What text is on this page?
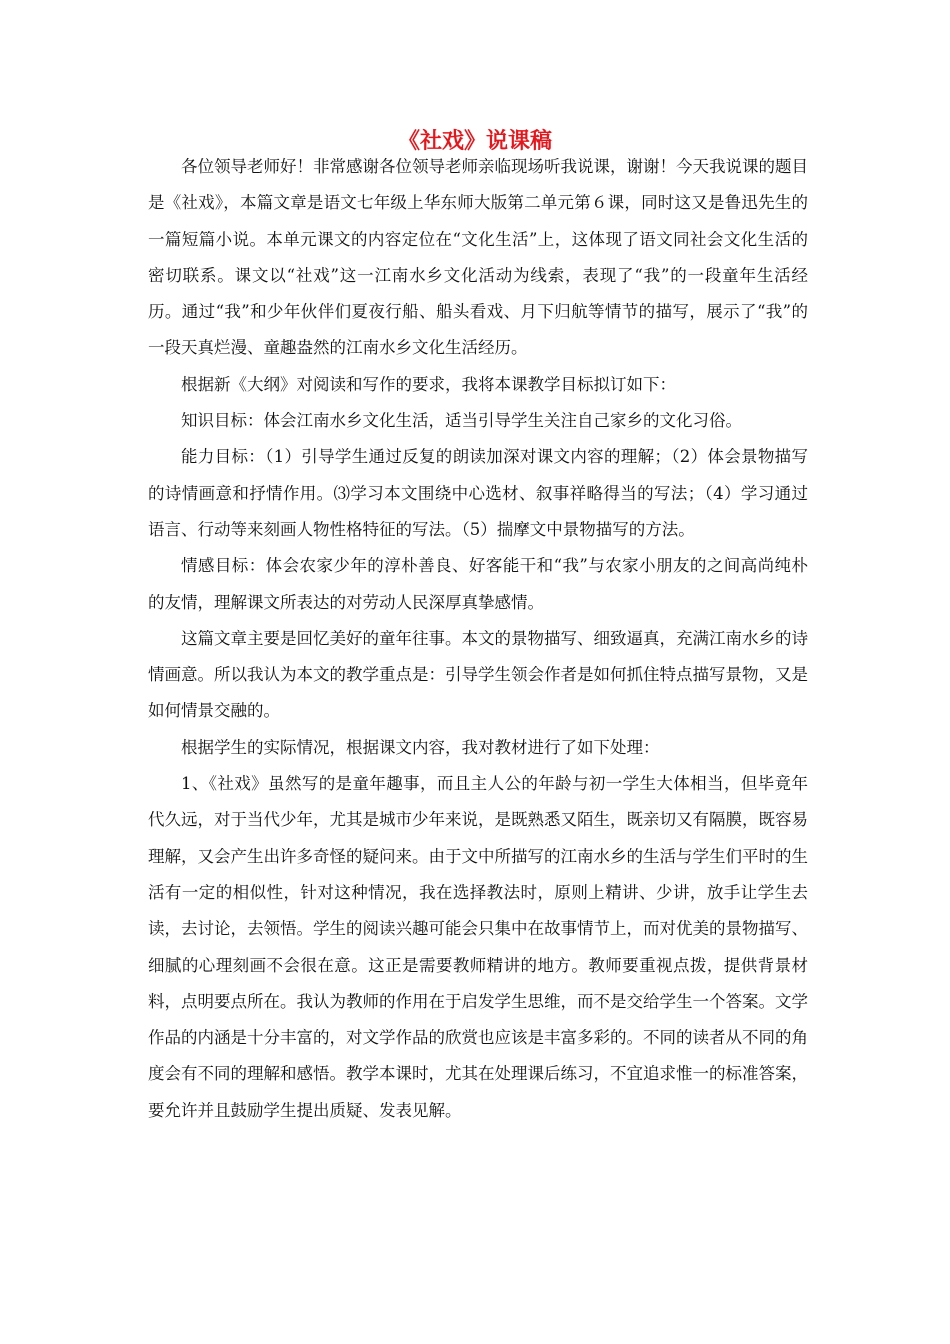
《社戏》说课稿

各位领导老师好！非常感谢各位领导老师亲临现场听我说课，谢谢！今天我说课的题目是《社戏》，本篇文章是语文七年级上华东师大版第二单元第６课，同时这又是鲁迅先生的一篇短篇小说。本单元课文的内容定位在“文化生活”上，这体现了语文同社会文化生活的密切联系。课文以“社戏”这一江南水乡文化活动为线索，表现了“我”的一段童年生活经历。通过“我”和少年伙伴们夏夜行船、船头看戏、月下归航等情节的描写，展示了“我”的一段天真烂漫、童趣盎然的江南水乡文化生活经历。

根据新《大纲》对阅读和写作的要求，我将本课教学目标拟订如下：

知识目标：体会江南水乡文化生活，适当引导学生关注自己家乡的文化习俗。

能力目标：（1）引导学生通过反复的朗读加深对课文内容的理解；（2）体会景物描写的诗情画意和抒情作用。⑶学习本文围绕中心选材、叙事祥略得当的写法；（4）学习通过语言、行动等来刻画人物性格特征的写法。（5）揣摩文中景物描写的方法。

情感目标：体会农家少年的淳朴善良、好客能干和“我”与农家小朋友的之间高尚纯朴的友情，理解课文所表达的对劳动人民深厚真挚感情。

这篇文章主要是回忆美好的童年往事。本文的景物描写、细致逼真，充满江南水乡的诗情画意。所以我认为本文的教学重点是：引导学生领会作者是如何抓住特点描写景物，又是如何情景交融的。

根据学生的实际情况，根据课文内容，我对教材进行了如下处理：

1、《社戏》虽然写的是童年趣事，而且主人公的年龄与初一学生大体相当，但毕竟年代久远，对于当代少年，尤其是城市少年来说，是既熟悉又陌生，既亲切又有隔膜，既容易理解，又会产生出许多奇怪的疑问来。由于文中所描写的江南水乡的生活与学生们平时的生活有一定的相似性，针对这种情况，我在选择教法时，原则上精讲、少讲，放手让学生去读，去讨论，去领悟。学生的阅读兴趣可能会只集中在故事情节上，而对优美的景物描写、细腻的心理刻画不会很在意。这正是需要教师精讲的地方。教师要重视点拨，提供背景材料，点明要点所在。我认为教师的作用在于启发学生思维，而不是交给学生一个答案。文学作品的内涵是十分丰富的，对文学作品的欣赏也应该是丰富多彩的。不同的读者从不同的角度会有不同的理解和感悟。教学本课时，尤其在处理课后练习，不宜追求惟一的标准答案，要允许并且鼓励学生提出质疑、发表见解。
